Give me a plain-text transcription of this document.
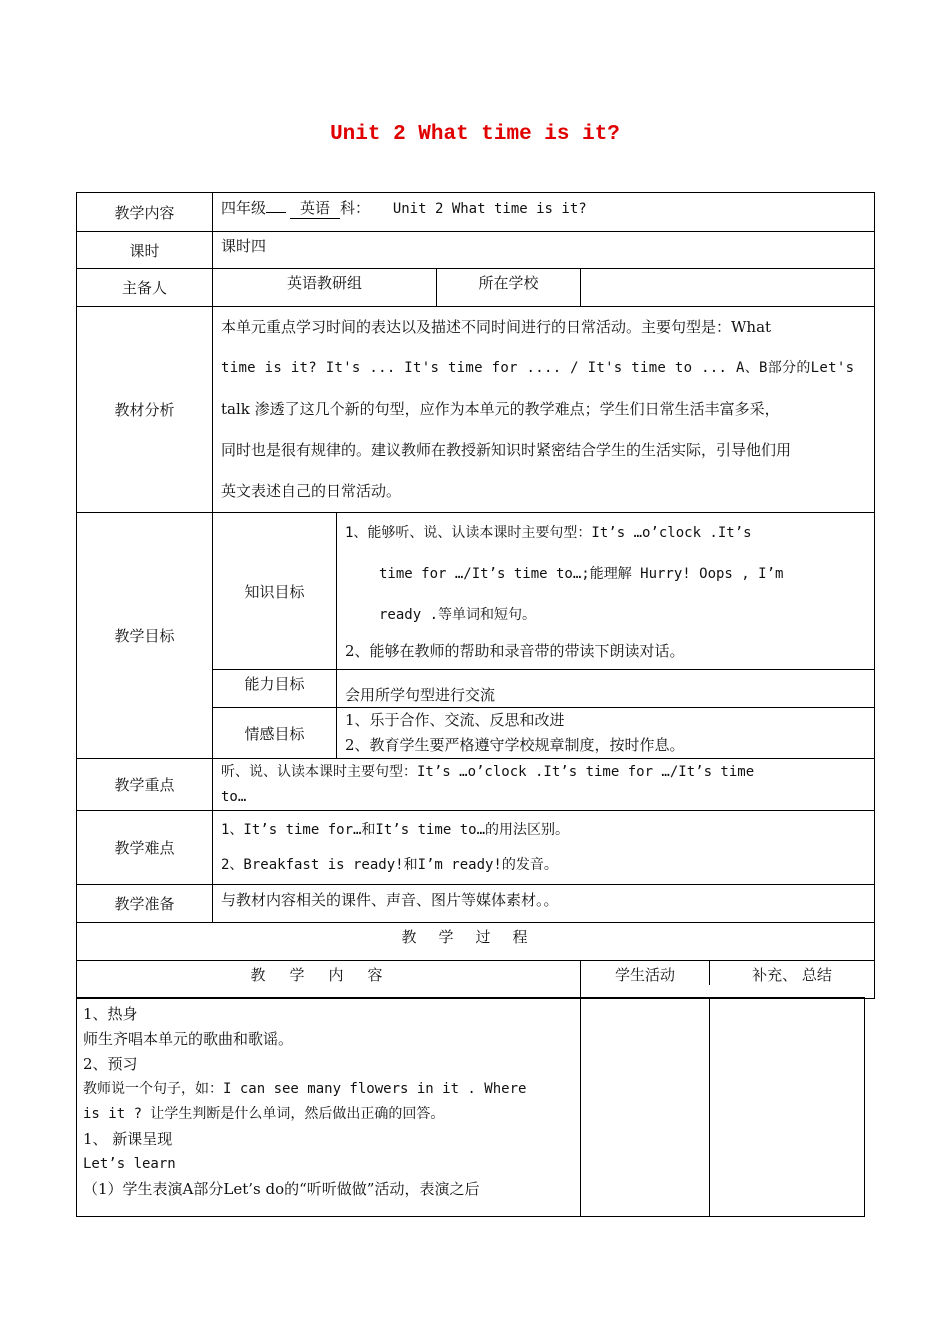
Unit 2 What time is it?
教学内容	四年级 英语 科： Unit 2 What time is it?			
课时	课时四			
主备人	英语教研组		所在学校	
教材分析	本单元重点学习时间的表达以及描述不同时间进行的日常活动。主要句型是：What
time is it? It's ... It's time for .... / It's time to ... A、B部分的Let's
talk 渗透了这几个新的句型，应作为本单元的教学难点；学生们日常生活丰富多采，
同时也是很有规律的。建议教师在教授新知识时紧密结合学生的生活实际，引导他们用
英文表述自己的日常活动。			

教学目标	知识目标	1、能够听、说、认读本课时主要句型：It’s …o’clock .It’s
time for …/It’s time to…;能理解 Hurry! Oops , I’m
ready .等单词和短句。
2、能够在教师的帮助和录音带的带读下朗读对话。		

	能力目标	会用所学句型进行交流		
	情感目标	1、乐于合作、交流、反思和改进
2、教育学生要严格遵守学校规章制度，按时作息。		

教学重点	听、说、认读本课时主要句型：It’s …o’clock .It’s time for …/It’s time
to…			

教学难点	1、It’s time for…和It’s time to…的用法区别。
2、Breakfast is ready!和I’m ready!的发音。			

教学准备	与教材内容相关的课件、声音、图片等媒体素材。。			
教学过程				
教学内容				学生活动 补充、 总结
1、热身
师生齐唱本单元的歌曲和歌谣。
2、预习
教师说一个句子，如：I can see many flowers in it . Where
is it ? 让学生判断是什么单词，然后做出正确的回答。
1、 新课呈现
Let’s learn
（1）学生表演A部分Let’s do的“听听做做”活动，表演之后
